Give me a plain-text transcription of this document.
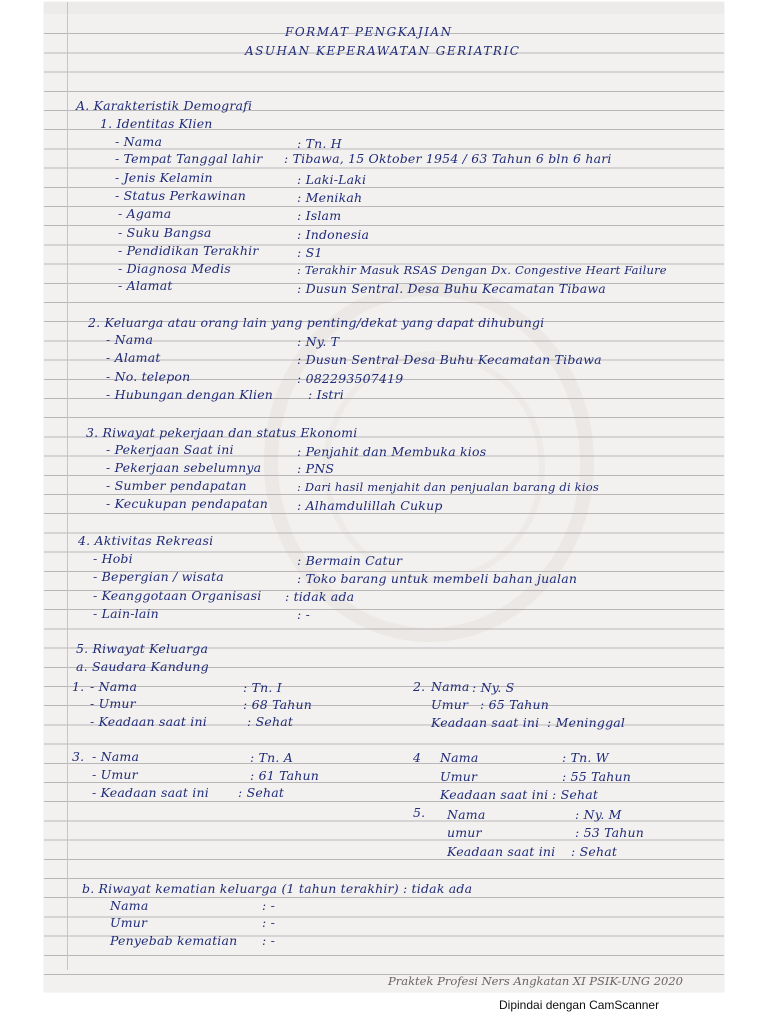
FORMAT PENGKAJIAN
ASUHAN KEPERAWATAN GERIATRIC
A. Karakteristik Demografi
1. Identitas Klien
- Nama	: Tn. H
- Tempat Tanggal lahir : Tibawa, 15 Oktober 1954 / 63 Tahun 6 bln 6 hari
- Jenis Kelamin	: Laki-Laki
- Status Perkawinan	: Menikah
- Agama	: Islam
- Suku Bangsa	: Indonesia
- Pendidikan Terakhir	: S1
- Diagnosa Medis	: Terakhir Masuk RSAS Dengan Dx. Congestive Heart Failure
- Alamat	: Dusun Sentral. Desa Buhu Kecamatan Tibawa
2. Keluarga atau orang lain yang penting/dekat yang dapat dihubungi
- Nama	: Ny. T
- Alamat	: Dusun Sentral Desa Buhu Kecamatan Tibawa
- No. telepon	: 082293507419
- Hubungan dengan Klien	: Istri
3. Riwayat pekerjaan dan status Ekonomi
- Pekerjaan Saat ini	: Penjahit dan Membuka kios
- Pekerjaan sebelumnya	: PNS
- Sumber pendapatan	: Dari hasil menjahit dan penjualan barang di kios
- Kecukupan pendapatan : Alhamdulillah Cukup
4. Aktivitas Rekreasi
- Hobi	: Bermain Catur
- Bepergian / wisata	: Toko barang untuk membeli bahan jualan
- Keanggotaan Organisasi : tidak ada
- Lain-lain	: -
5. Riwayat Keluarga
a. Saudara Kandung
1. - Nama	: Tn. I
- Umur	: 68 Tahun
- Keadaan saat ini	: Sehat
2. Nama : Ny. S
Umur : 65 Tahun
Keadaan saat ini : Meninggal
3. - Nama	: Tn. A
- Umur	: 61 Tahun
- Keadaan saat ini : Sehat
4 Nama	: Tn. W
Umur	: 55 Tahun
Keadaan saat ini : Sehat
5. Nama	: Ny. M
umur	: 53 Tahun
Keadaan saat ini : Sehat
b. Riwayat kematian keluarga (1 tahun terakhir) : tidak ada
Nama	: -
Umur	: -
Penyebab kematian : -
Praktek Profesi Ners Angkatan XI PSIK-UNG 2020
Dipindai dengan CamScanner
